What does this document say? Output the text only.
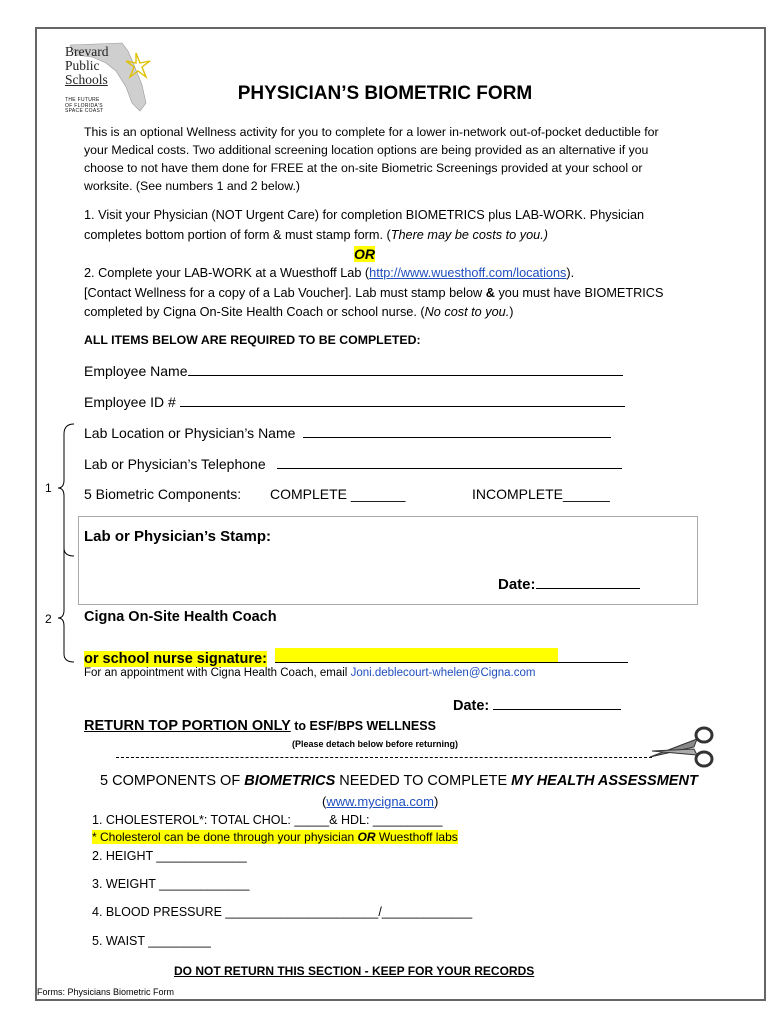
Brevard
Public
Schools
THE FUTURE
OF FLORIDA'S
SPACE COAST
PHYSICIAN’S BIOMETRIC FORM
This is an optional Wellness activity for you to complete for a lower in-network out-of-pocket deductible for your Medical costs. Two additional screening location options are being provided as an alternative if you choose to not have them done for FREE at the on-site Biometric Screenings provided at your school or worksite. (See numbers 1 and 2 below.)
1. Visit your Physician (NOT Urgent Care) for completion BIOMETRICS plus LAB-WORK. Physician completes bottom portion of form & must stamp form. (There may be costs to you.)
OR
2. Complete your LAB-WORK at a Wuesthoff Lab (http://www.wuesthoff.com/locations).
[Contact Wellness for a copy of a Lab Voucher]. Lab must stamp below & you must have BIOMETRICS completed by Cigna On-Site Health Coach or school nurse. (No cost to you.)
ALL ITEMS BELOW ARE REQUIRED TO BE COMPLETED:
Employee Name
Employee ID #
Lab Location or Physician’s Name
Lab or Physician’s Telephone
5 Biometric Components: COMPLETE _______	INCOMPLETE______
1
2
Lab or Physician’s Stamp:
Date:
Cigna On-Site Health Coach
or school nurse signature:
For an appointment with Cigna Health Coach, email Joni.deblecourt-whelen@Cigna.com
Date:
RETURN TOP PORTION ONLY to ESF/BPS WELLNESS
(Please detach below before returning)
5 COMPONENTS OF BIOMETRICS NEEDED TO COMPLETE MY HEALTH ASSESSMENT
(www.mycigna.com)
1. CHOLESTEROL*: TOTAL CHOL: _____& HDL: __________
* Cholesterol can be done through your physician OR Wuesthoff labs
2. HEIGHT _____________
3. WEIGHT _____________
4. BLOOD PRESSURE ______________________/_____________
5. WAIST _________
DO NOT RETURN THIS SECTION - KEEP FOR YOUR RECORDS
Forms: Physicians Biometric Form
